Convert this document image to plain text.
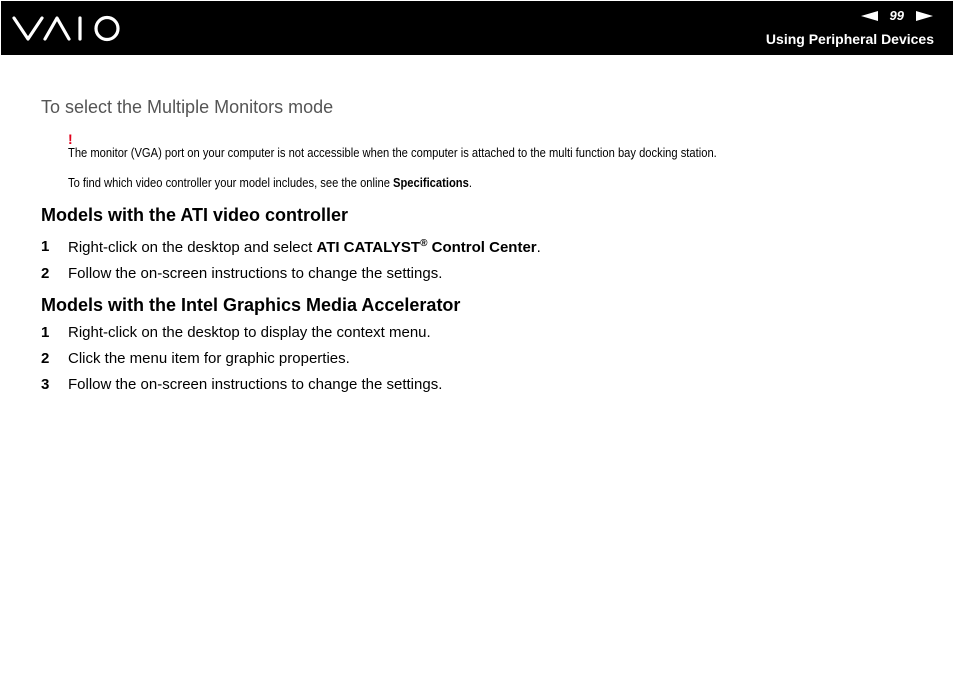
99
Using Peripheral Devices
To select the Multiple Monitors mode
!
The monitor (VGA) port on your computer is not accessible when the computer is attached to the multi function bay docking station.
To find which video controller your model includes, see the online Specifications.
Models with the ATI video controller
1 Right-click on the desktop and select ATI CATALYST® Control Center.
2 Follow the on-screen instructions to change the settings.
Models with the Intel Graphics Media Accelerator
1 Right-click on the desktop to display the context menu.
2 Click the menu item for graphic properties.
3 Follow the on-screen instructions to change the settings.
